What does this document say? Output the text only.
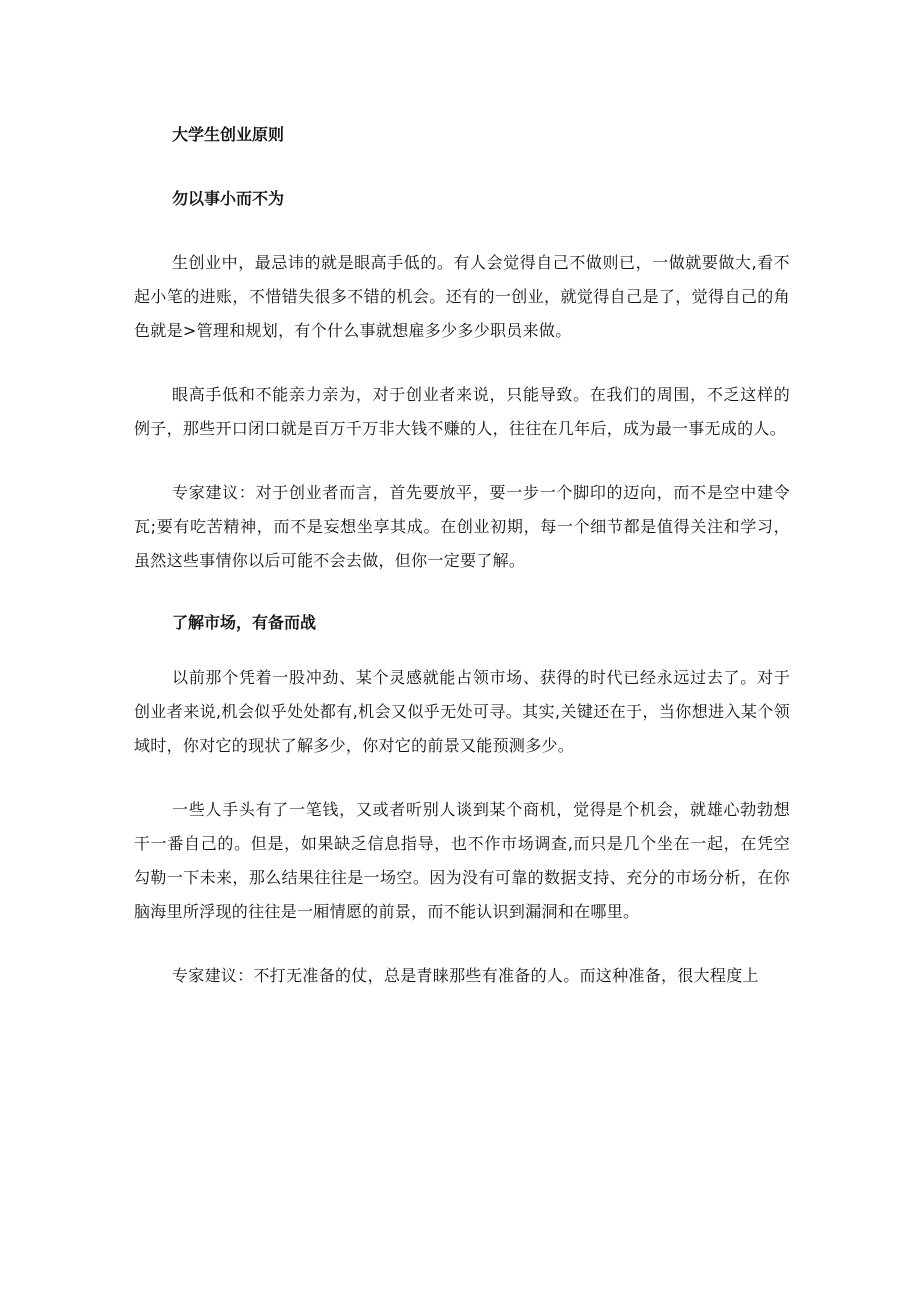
大学生创业原则
勿以事小而不为

生创业中，最忌讳的就是眼高手低的。有人会觉得自己不做则已，一做就要做大,看不起小笔的进账，不惜错失很多不错的机会。还有的一创业，就觉得自己是了，觉得自己的角色就是>管理和规划，有个什么事就想雇多少多少职员来做。

眼高手低和不能亲力亲为，对于创业者来说，只能导致。在我们的周围，不乏这样的例子，那些开口闭口就是百万千万非大钱不赚的人，往往在几年后，成为最一事无成的人。

专家建议：对于创业者而言，首先要放平，要一步一个脚印的迈向，而不是空中建令瓦;要有吃苦精神，而不是妄想坐享其成。在创业初期，每一个细节都是值得关注和学习，虽然这些事情你以后可能不会去做，但你一定要了解。

了解市场，有备而战

以前那个凭着一股冲劲、某个灵感就能占领市场、获得的时代已经永远过去了。对于创业者来说,机会似乎处处都有,机会又似乎无处可寻。其实,关键还在于，当你想进入某个领域时，你对它的现状了解多少，你对它的前景又能预测多少。

一些人手头有了一笔钱，又或者听别人谈到某个商机，觉得是个机会，就雄心勃勃想干一番自己的。但是，如果缺乏信息指导，也不作市场调查,而只是几个坐在一起，在凭空勾勒一下未来，那么结果往往是一场空。因为没有可靠的数据支持、充分的市场分析，在你脑海里所浮现的往往是一厢情愿的前景，而不能认识到漏洞和在哪里。

专家建议：不打无准备的仗，总是青睐那些有准备的人。而这种准备，很大程度上
